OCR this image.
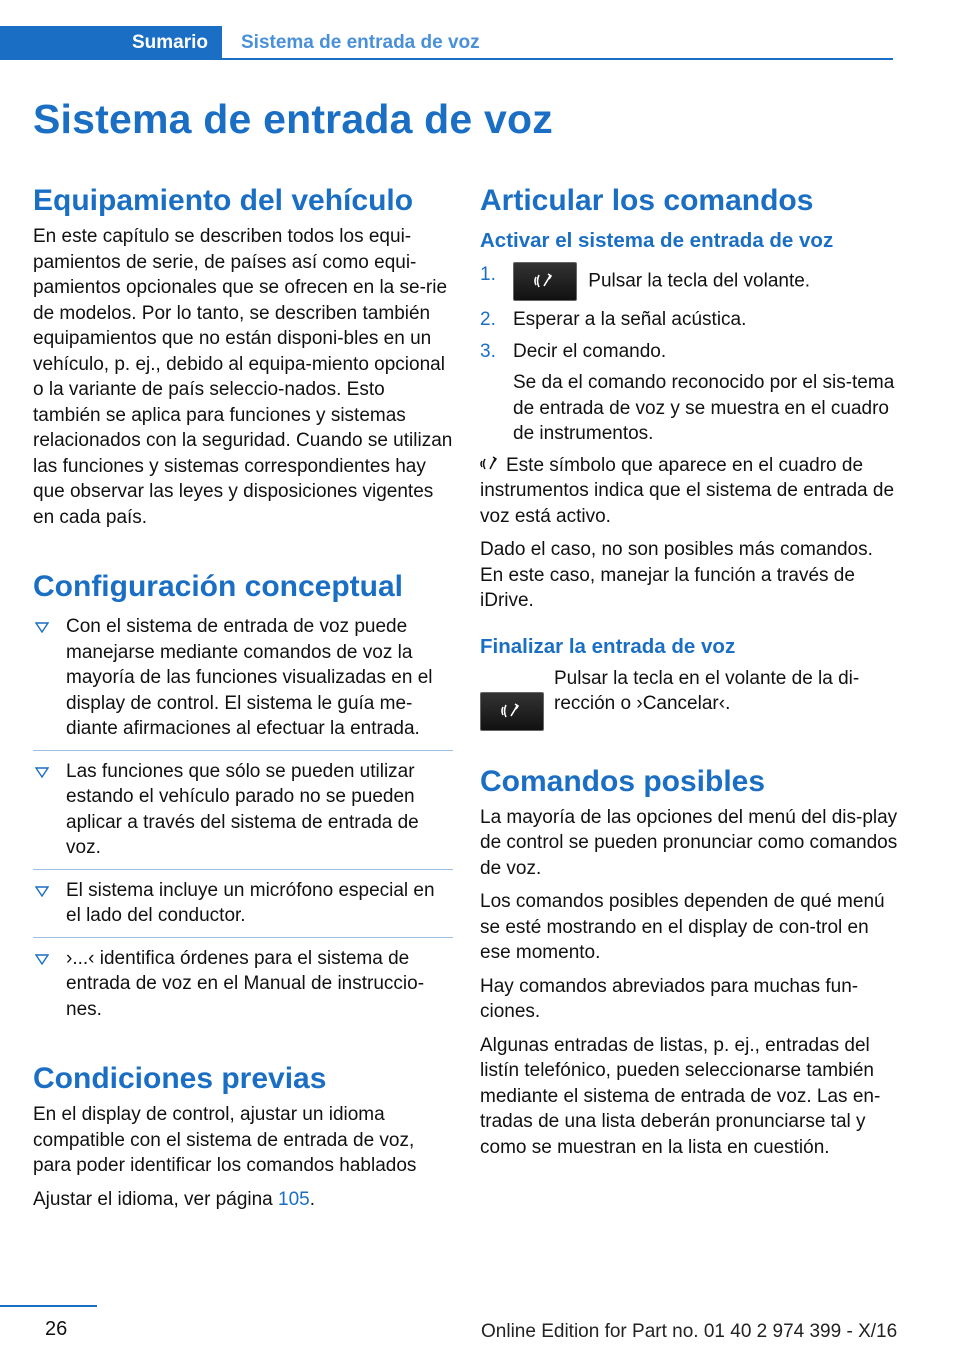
Sumario	Sistema de entrada de voz
Sistema de entrada de voz
Equipamiento del vehículo

En este capítulo se describen todos los equi-pamientos de serie, de países así como equi-pamientos opcionales que se ofrecen en la se-rie de modelos. Por lo tanto, se describen también equipamientos que no están disponi-bles en un vehículo, p. ej., debido al equipa-miento opcional o la variante de país seleccio-nados. Esto también se aplica para funciones y sistemas relacionados con la seguridad. Cuando se utilizan las funciones y sistemas correspondientes hay que observar las leyes y disposiciones vigentes en cada país.

Configuración conceptual
Con el sistema de entrada de voz puede manejarse mediante comandos de voz la mayoría de las funciones visualizadas en el display de control. El sistema le guía me-diante afirmaciones al efectuar la entrada.
Las funciones que sólo se pueden utilizar estando el vehículo parado no se pueden aplicar a través del sistema de entrada de voz.
El sistema incluye un micrófono especial en el lado del conductor.
›...‹ identifica órdenes para el sistema de entrada de voz en el Manual de instruccio-nes.
Condiciones previas

En el display de control, ajustar un idioma compatible con el sistema de entrada de voz, para poder identificar los comandos hablados

Ajustar el idioma, ver página 105.

Articular los comandos
Activar el sistema de entrada de voz
1.	Pulsar la tecla del volante.
2. Esperar a la señal acústica.
3. Decir el comando.

Se da el comando reconocido por el sis-tema de entrada de voz y se muestra en el cuadro de instrumentos.

Este símbolo que aparece en el cuadro de instrumentos indica que el sistema de entrada de voz está activo.

Dado el caso, no son posibles más comandos. En este caso, manejar la función a través de iDrive.

Finalizar la entrada de voz

Pulsar la tecla en el volante de la di-rección o ›Cancelar‹.

Comandos posibles

La mayoría de las opciones del menú del dis-play de control se pueden pronunciar como comandos de voz.

Los comandos posibles dependen de qué menú se esté mostrando en el display de con-trol en ese momento.

Hay comandos abreviados para muchas fun-ciones.

Algunas entradas de listas, p. ej., entradas del listín telefónico, pueden seleccionarse también mediante el sistema de entrada de voz. Las en-tradas de una lista deberán pronunciarse tal y como se muestran en la lista en cuestión.

26	Online Edition for Part no. 01 40 2 974 399 - X/16
